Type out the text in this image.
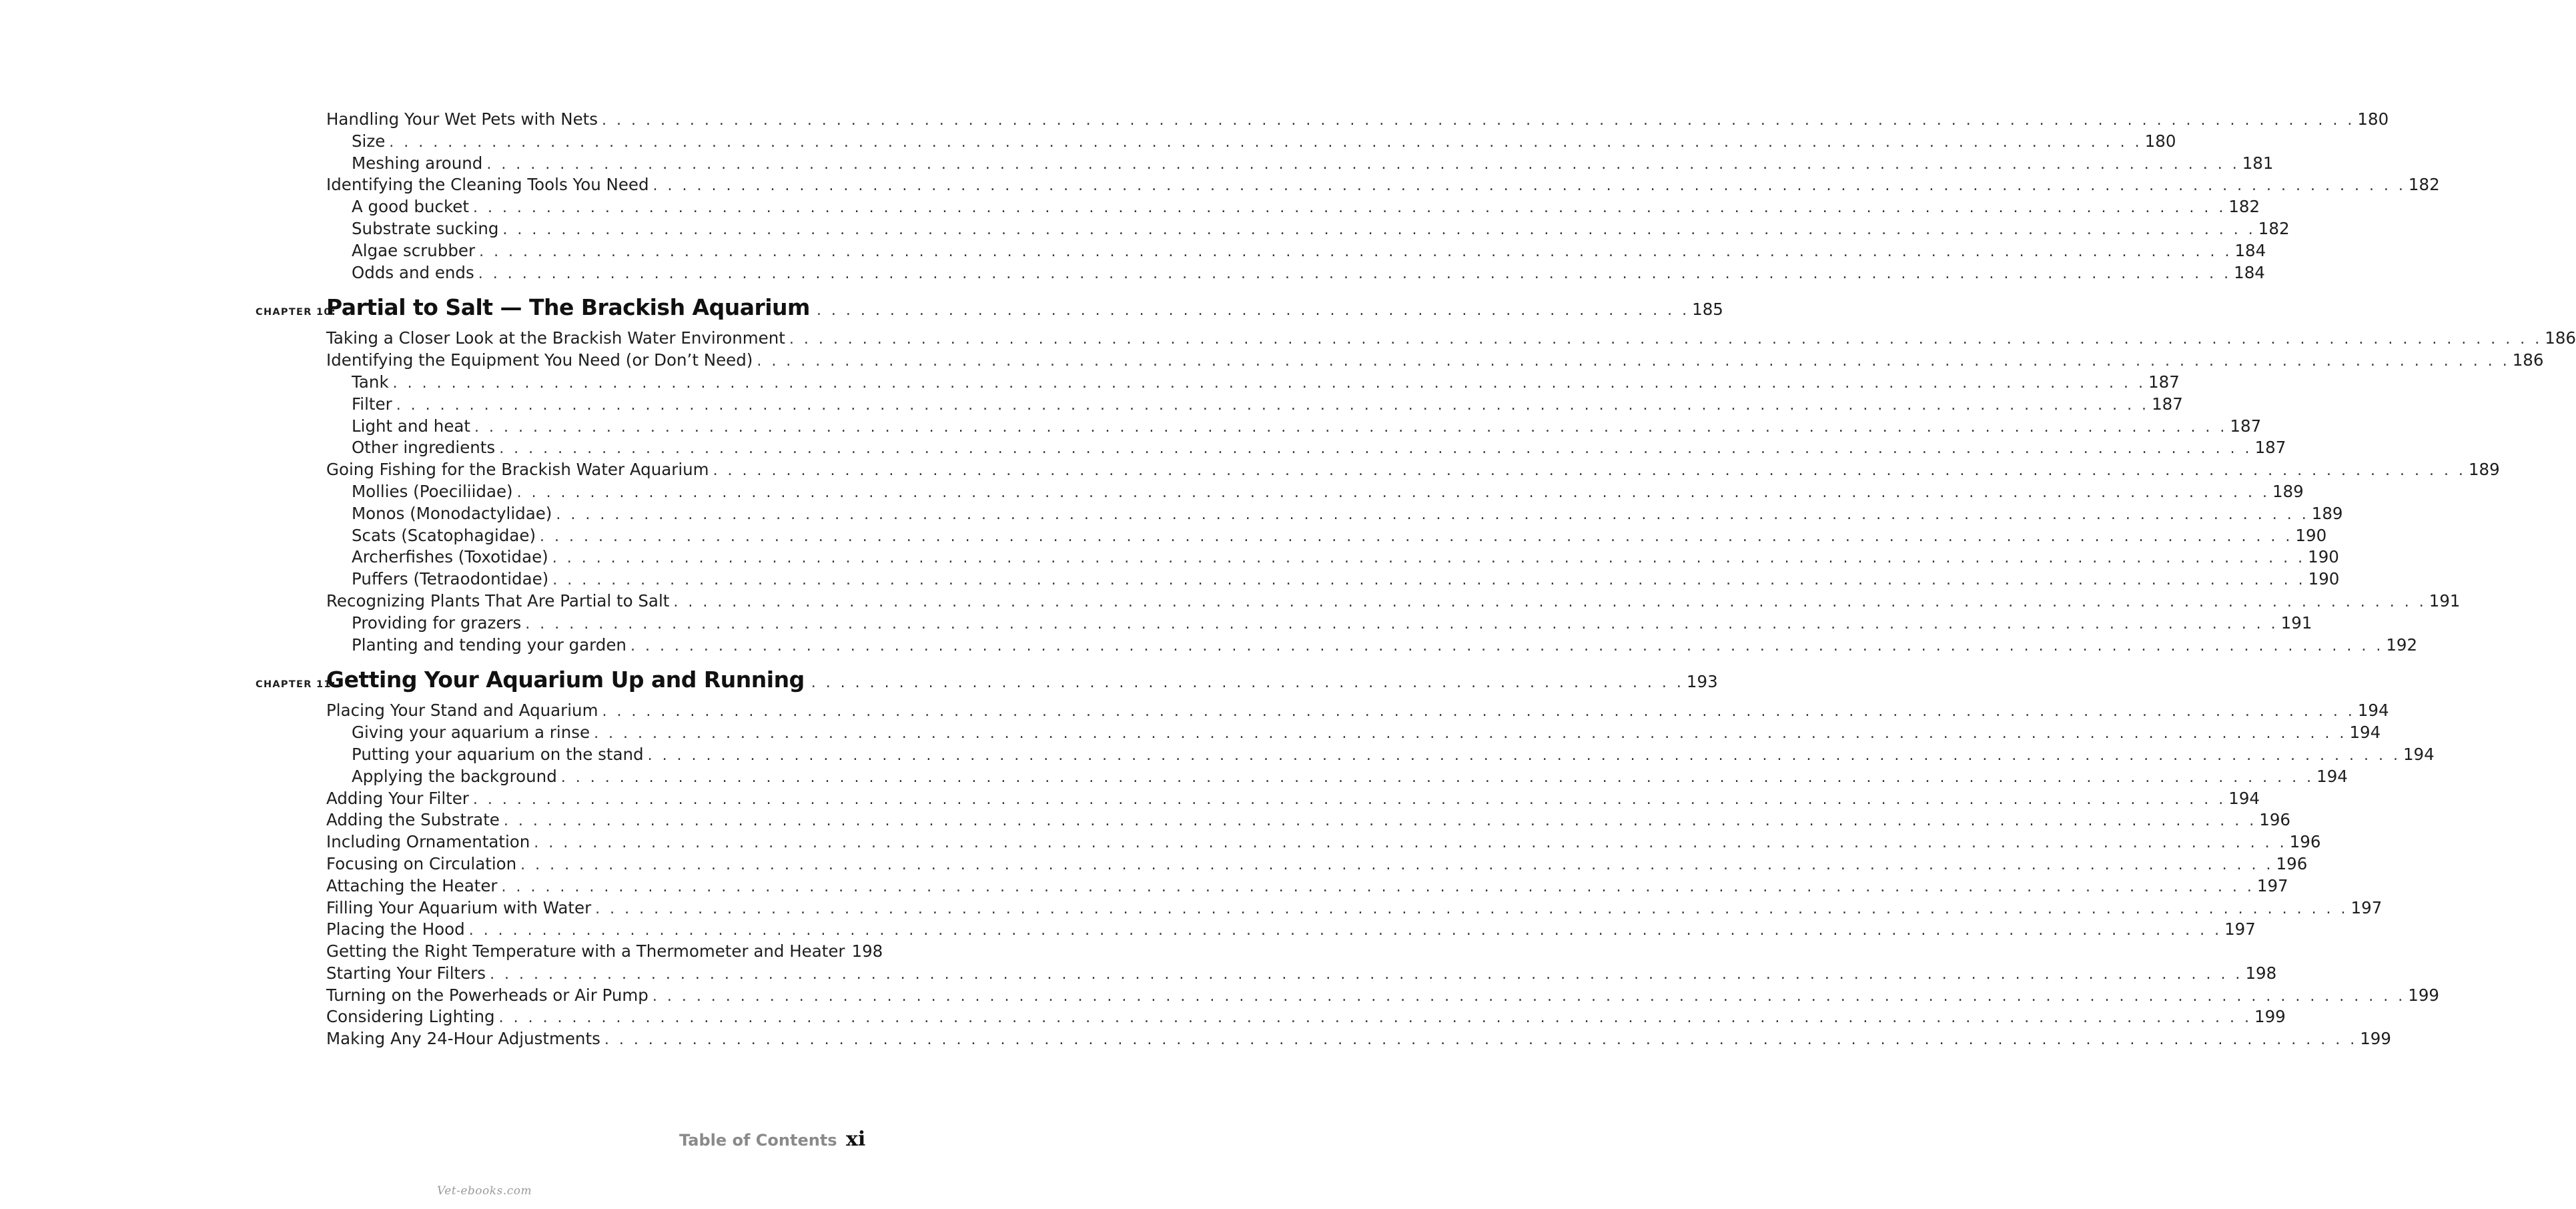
Handling Your Wet Pets with Nets . . . . . . . . . . . . . . . . . . . . . . . . . . . . . . . . . . . . . . . . . . . . . . . . . . . . . . . . . . . . . . . . . . . . . . . . . . . . . . . . . . . . . . . . . . . . . . . . . . . . . . . . . . . . . . . . . . . . . . . . 180
Size . . . . . . . . . . . . . . . . . . . . . . . . . . . . . . . . . . . . . . . . . . . . . . . . . . . . . . . . . . . . . . . . . . . . . . . . . . . . . . . . . . . . . . . . . . . . . . . . . . . . . . . . . . . . . . . . . . . . . . . . 180
Meshing around . . . . . . . . . . . . . . . . . . . . . . . . . . . . . . . . . . . . . . . . . . . . . . . . . . . . . . . . . . . . . . . . . . . . . . . . . . . . . . . . . . . . . . . . . . . . . . . . . . . . . . . . . . . . . . . . . . . . . . . . 181
Identifying the Cleaning Tools You Need . . . . . . . . . . . . . . . . . . . . . . . . . . . . . . . . . . . . . . . . . . . . . . . . . . . . . . . . . . . . . . . . . . . . . . . . . . . . . . . . . . . . . . . . . . . . . . . . . . . . . . . . . . . . . . . . . . . . . . . . 182
A good bucket . . . . . . . . . . . . . . . . . . . . . . . . . . . . . . . . . . . . . . . . . . . . . . . . . . . . . . . . . . . . . . . . . . . . . . . . . . . . . . . . . . . . . . . . . . . . . . . . . . . . . . . . . . . . . . . . . . . . . . . . 182
Substrate sucking . . . . . . . . . . . . . . . . . . . . . . . . . . . . . . . . . . . . . . . . . . . . . . . . . . . . . . . . . . . . . . . . . . . . . . . . . . . . . . . . . . . . . . . . . . . . . . . . . . . . . . . . . . . . . . . . . . . . . . . . 182
Algae scrubber . . . . . . . . . . . . . . . . . . . . . . . . . . . . . . . . . . . . . . . . . . . . . . . . . . . . . . . . . . . . . . . . . . . . . . . . . . . . . . . . . . . . . . . . . . . . . . . . . . . . . . . . . . . . . . . . . . . . . . . . 184
Odds and ends . . . . . . . . . . . . . . . . . . . . . . . . . . . . . . . . . . . . . . . . . . . . . . . . . . . . . . . . . . . . . . . . . . . . . . . . . . . . . . . . . . . . . . . . . . . . . . . . . . . . . . . . . . . . . . . . . . . . . . . . 184
CHAPTER 10:
Partial to Salt — The Brackish Aquarium . . . . . . . . . . . . . . . . . . . . . . . . . . . . . . . . . . . . . . . . . . . . . . . . . . . . . . . . . . . . 185
Taking a Closer Look at the Brackish Water Environment . . . . . . . . . . . . . . . . . . . . . . . . . . . . . . . . . . . . . . . . . . . . . . . . . . . . . . . . . . . . . . . . . . . . . . . . . . . . . . . . . . . . . . . . . . . . . . . . . . . . . . . . . . . . . . . . . . . . . . . . 186
Identifying the Equipment You Need (or Don’t Need) . . . . . . . . . . . . . . . . . . . . . . . . . . . . . . . . . . . . . . . . . . . . . . . . . . . . . . . . . . . . . . . . . . . . . . . . . . . . . . . . . . . . . . . . . . . . . . . . . . . . . . . . . . . . . . . . . . . . . . . . 186
Tank . . . . . . . . . . . . . . . . . . . . . . . . . . . . . . . . . . . . . . . . . . . . . . . . . . . . . . . . . . . . . . . . . . . . . . . . . . . . . . . . . . . . . . . . . . . . . . . . . . . . . . . . . . . . . . . . . . . . . . . . 187
Filter . . . . . . . . . . . . . . . . . . . . . . . . . . . . . . . . . . . . . . . . . . . . . . . . . . . . . . . . . . . . . . . . . . . . . . . . . . . . . . . . . . . . . . . . . . . . . . . . . . . . . . . . . . . . . . . . . . . . . . . . 187
Light and heat . . . . . . . . . . . . . . . . . . . . . . . . . . . . . . . . . . . . . . . . . . . . . . . . . . . . . . . . . . . . . . . . . . . . . . . . . . . . . . . . . . . . . . . . . . . . . . . . . . . . . . . . . . . . . . . . . . . . . . . . 187
Other ingredients . . . . . . . . . . . . . . . . . . . . . . . . . . . . . . . . . . . . . . . . . . . . . . . . . . . . . . . . . . . . . . . . . . . . . . . . . . . . . . . . . . . . . . . . . . . . . . . . . . . . . . . . . . . . . . . . . . . . . . . . 187
Going Fishing for the Brackish Water Aquarium . . . . . . . . . . . . . . . . . . . . . . . . . . . . . . . . . . . . . . . . . . . . . . . . . . . . . . . . . . . . . . . . . . . . . . . . . . . . . . . . . . . . . . . . . . . . . . . . . . . . . . . . . . . . . . . . . . . . . . . . 189
Mollies (Poeciliidae) . . . . . . . . . . . . . . . . . . . . . . . . . . . . . . . . . . . . . . . . . . . . . . . . . . . . . . . . . . . . . . . . . . . . . . . . . . . . . . . . . . . . . . . . . . . . . . . . . . . . . . . . . . . . . . . . . . . . . . . . 189
Monos (Monodactylidae) . . . . . . . . . . . . . . . . . . . . . . . . . . . . . . . . . . . . . . . . . . . . . . . . . . . . . . . . . . . . . . . . . . . . . . . . . . . . . . . . . . . . . . . . . . . . . . . . . . . . . . . . . . . . . . . . . . . . . . . . 189
Scats (Scatophagidae) . . . . . . . . . . . . . . . . . . . . . . . . . . . . . . . . . . . . . . . . . . . . . . . . . . . . . . . . . . . . . . . . . . . . . . . . . . . . . . . . . . . . . . . . . . . . . . . . . . . . . . . . . . . . . . . . . . . . . . . . 190
Archerfishes (Toxotidae) . . . . . . . . . . . . . . . . . . . . . . . . . . . . . . . . . . . . . . . . . . . . . . . . . . . . . . . . . . . . . . . . . . . . . . . . . . . . . . . . . . . . . . . . . . . . . . . . . . . . . . . . . . . . . . . . . . . . . . . . 190
Puffers (Tetraodontidae) . . . . . . . . . . . . . . . . . . . . . . . . . . . . . . . . . . . . . . . . . . . . . . . . . . . . . . . . . . . . . . . . . . . . . . . . . . . . . . . . . . . . . . . . . . . . . . . . . . . . . . . . . . . . . . . . . . . . . . . . 190
Recognizing Plants That Are Partial to Salt . . . . . . . . . . . . . . . . . . . . . . . . . . . . . . . . . . . . . . . . . . . . . . . . . . . . . . . . . . . . . . . . . . . . . . . . . . . . . . . . . . . . . . . . . . . . . . . . . . . . . . . . . . . . . . . . . . . . . . . . 191
Providing for grazers . . . . . . . . . . . . . . . . . . . . . . . . . . . . . . . . . . . . . . . . . . . . . . . . . . . . . . . . . . . . . . . . . . . . . . . . . . . . . . . . . . . . . . . . . . . . . . . . . . . . . . . . . . . . . . . . . . . . . . . . 191
Planting and tending your garden . . . . . . . . . . . . . . . . . . . . . . . . . . . . . . . . . . . . . . . . . . . . . . . . . . . . . . . . . . . . . . . . . . . . . . . . . . . . . . . . . . . . . . . . . . . . . . . . . . . . . . . . . . . . . . . . . . . . . . . . 192
CHAPTER 11:
Getting Your Aquarium Up and Running . . . . . . . . . . . . . . . . . . . . . . . . . . . . . . . . . . . . . . . . . . . . . . . . . . . . . . . . . . . . 193
Placing Your Stand and Aquarium . . . . . . . . . . . . . . . . . . . . . . . . . . . . . . . . . . . . . . . . . . . . . . . . . . . . . . . . . . . . . . . . . . . . . . . . . . . . . . . . . . . . . . . . . . . . . . . . . . . . . . . . . . . . . . . . . . . . . . . . 194
Giving your aquarium a rinse . . . . . . . . . . . . . . . . . . . . . . . . . . . . . . . . . . . . . . . . . . . . . . . . . . . . . . . . . . . . . . . . . . . . . . . . . . . . . . . . . . . . . . . . . . . . . . . . . . . . . . . . . . . . . . . . . . . . . . . . 194
Putting your aquarium on the stand . . . . . . . . . . . . . . . . . . . . . . . . . . . . . . . . . . . . . . . . . . . . . . . . . . . . . . . . . . . . . . . . . . . . . . . . . . . . . . . . . . . . . . . . . . . . . . . . . . . . . . . . . . . . . . . . . . . . . . . . 194
Applying the background . . . . . . . . . . . . . . . . . . . . . . . . . . . . . . . . . . . . . . . . . . . . . . . . . . . . . . . . . . . . . . . . . . . . . . . . . . . . . . . . . . . . . . . . . . . . . . . . . . . . . . . . . . . . . . . . . . . . . . . . 194
Adding Your Filter . . . . . . . . . . . . . . . . . . . . . . . . . . . . . . . . . . . . . . . . . . . . . . . . . . . . . . . . . . . . . . . . . . . . . . . . . . . . . . . . . . . . . . . . . . . . . . . . . . . . . . . . . . . . . . . . . . . . . . . . 194
Adding the Substrate . . . . . . . . . . . . . . . . . . . . . . . . . . . . . . . . . . . . . . . . . . . . . . . . . . . . . . . . . . . . . . . . . . . . . . . . . . . . . . . . . . . . . . . . . . . . . . . . . . . . . . . . . . . . . . . . . . . . . . . . 196
Including Ornamentation . . . . . . . . . . . . . . . . . . . . . . . . . . . . . . . . . . . . . . . . . . . . . . . . . . . . . . . . . . . . . . . . . . . . . . . . . . . . . . . . . . . . . . . . . . . . . . . . . . . . . . . . . . . . . . . . . . . . . . . . 196
Focusing on Circulation . . . . . . . . . . . . . . . . . . . . . . . . . . . . . . . . . . . . . . . . . . . . . . . . . . . . . . . . . . . . . . . . . . . . . . . . . . . . . . . . . . . . . . . . . . . . . . . . . . . . . . . . . . . . . . . . . . . . . . . . 196
Attaching the Heater . . . . . . . . . . . . . . . . . . . . . . . . . . . . . . . . . . . . . . . . . . . . . . . . . . . . . . . . . . . . . . . . . . . . . . . . . . . . . . . . . . . . . . . . . . . . . . . . . . . . . . . . . . . . . . . . . . . . . . . . 197
Filling Your Aquarium with Water . . . . . . . . . . . . . . . . . . . . . . . . . . . . . . . . . . . . . . . . . . . . . . . . . . . . . . . . . . . . . . . . . . . . . . . . . . . . . . . . . . . . . . . . . . . . . . . . . . . . . . . . . . . . . . . . . . . . . . . . 197
Placing the Hood . . . . . . . . . . . . . . . . . . . . . . . . . . . . . . . . . . . . . . . . . . . . . . . . . . . . . . . . . . . . . . . . . . . . . . . . . . . . . . . . . . . . . . . . . . . . . . . . . . . . . . . . . . . . . . . . . . . . . . . . 197
Getting the Right Temperature with a Thermometer and Heater 198
Starting Your Filters . . . . . . . . . . . . . . . . . . . . . . . . . . . . . . . . . . . . . . . . . . . . . . . . . . . . . . . . . . . . . . . . . . . . . . . . . . . . . . . . . . . . . . . . . . . . . . . . . . . . . . . . . . . . . . . . . . . . . . . . 198
Turning on the Powerheads or Air Pump . . . . . . . . . . . . . . . . . . . . . . . . . . . . . . . . . . . . . . . . . . . . . . . . . . . . . . . . . . . . . . . . . . . . . . . . . . . . . . . . . . . . . . . . . . . . . . . . . . . . . . . . . . . . . . . . . . . . . . . . 199
Considering Lighting . . . . . . . . . . . . . . . . . . . . . . . . . . . . . . . . . . . . . . . . . . . . . . . . . . . . . . . . . . . . . . . . . . . . . . . . . . . . . . . . . . . . . . . . . . . . . . . . . . . . . . . . . . . . . . . . . . . . . . . . 199
Making Any 24-Hour Adjustments . . . . . . . . . . . . . . . . . . . . . . . . . . . . . . . . . . . . . . . . . . . . . . . . . . . . . . . . . . . . . . . . . . . . . . . . . . . . . . . . . . . . . . . . . . . . . . . . . . . . . . . . . . . . . . . . . . . . . . . . 199
Table of Contents xi
Vet-ebooks.com
